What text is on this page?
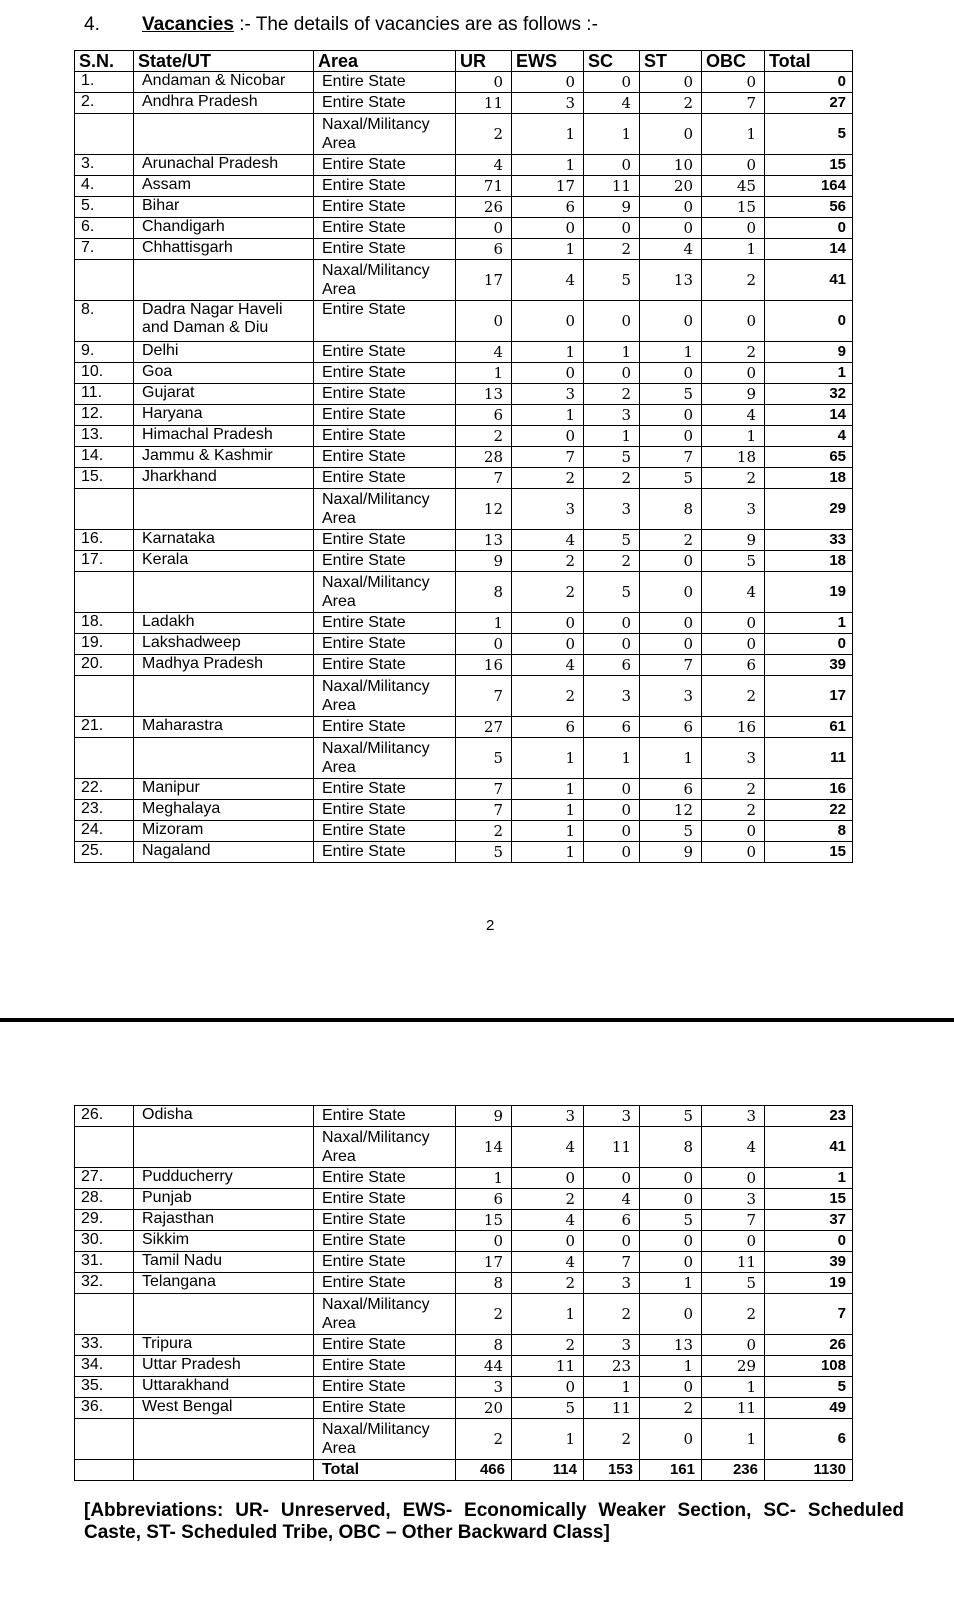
4. Vacancies :- The details of vacancies are as follows :-
S.N.	State/UT	Area	UR	EWS	SC	ST	OBC	Total
1.	Andaman & Nicobar	Entire State	0	0	0	0	0	0
2.	Andhra Pradesh	Entire State	11	3	4	2	7	27
		Naxal/Militancy Area	2	1	1	0	1	5
3.	Arunachal Pradesh	Entire State	4	1	0	10	0	15
4.	Assam	Entire State	71	17	11	20	45	164
5.	Bihar	Entire State	26	6	9	0	15	56
6.	Chandigarh	Entire State	0	0	0	0	0	0
7.	Chhattisgarh	Entire State	6	1	2	4	1	14
		Naxal/Militancy Area	17	4	5	13	2	41
8.	Dadra Nagar Haveli and Daman & Diu	Entire State	0	0	0	0	0	0
9.	Delhi	Entire State	4	1	1	1	2	9
10.	Goa	Entire State	1	0	0	0	0	1
11.	Gujarat	Entire State	13	3	2	5	9	32
12.	Haryana	Entire State	6	1	3	0	4	14
13.	Himachal Pradesh	Entire State	2	0	1	0	1	4
14.	Jammu & Kashmir	Entire State	28	7	5	7	18	65
15.	Jharkhand	Entire State	7	2	2	5	2	18
		Naxal/Militancy Area	12	3	3	8	3	29
16.	Karnataka	Entire State	13	4	5	2	9	33
17.	Kerala	Entire State	9	2	2	0	5	18
		Naxal/Militancy Area	8	2	5	0	4	19
18.	Ladakh	Entire State	1	0	0	0	0	1
19.	Lakshadweep	Entire State	0	0	0	0	0	0
20.	Madhya Pradesh	Entire State	16	4	6	7	6	39
		Naxal/Militancy Area	7	2	3	3	2	17
21.	Maharastra	Entire State	27	6	6	6	16	61
		Naxal/Militancy Area	5	1	1	1	3	11
22.	Manipur	Entire State	7	1	0	6	2	16
23.	Meghalaya	Entire State	7	1	0	12	2	22
24.	Mizoram	Entire State	2	1	0	5	0	8
25.	Nagaland	Entire State	5	1	0	9	0	15
2
26.	Odisha	Entire State	9	3	3	5	3	23
		Naxal/Militancy Area	14	4	11	8	4	41
27.	Pudducherry	Entire State	1	0	0	0	0	1
28.	Punjab	Entire State	6	2	4	0	3	15
29.	Rajasthan	Entire State	15	4	6	5	7	37
30.	Sikkim	Entire State	0	0	0	0	0	0
31.	Tamil Nadu	Entire State	17	4	7	0	11	39
32.	Telangana	Entire State	8	2	3	1	5	19
		Naxal/Militancy Area	2	1	2	0	2	7
33.	Tripura	Entire State	8	2	3	13	0	26
34.	Uttar Pradesh	Entire State	44	11	23	1	29	108
35.	Uttarakhand	Entire State	3	0	1	0	1	5
36.	West Bengal	Entire State	20	5	11	2	11	49
		Naxal/Militancy Area	2	1	2	0	1	6
		Total	466	114	153	161	236	1130
[Abbreviations: UR- Unreserved, EWS- Economically Weaker Section, SC- Scheduled Caste, ST- Scheduled Tribe, OBC – Other Backward Class]
